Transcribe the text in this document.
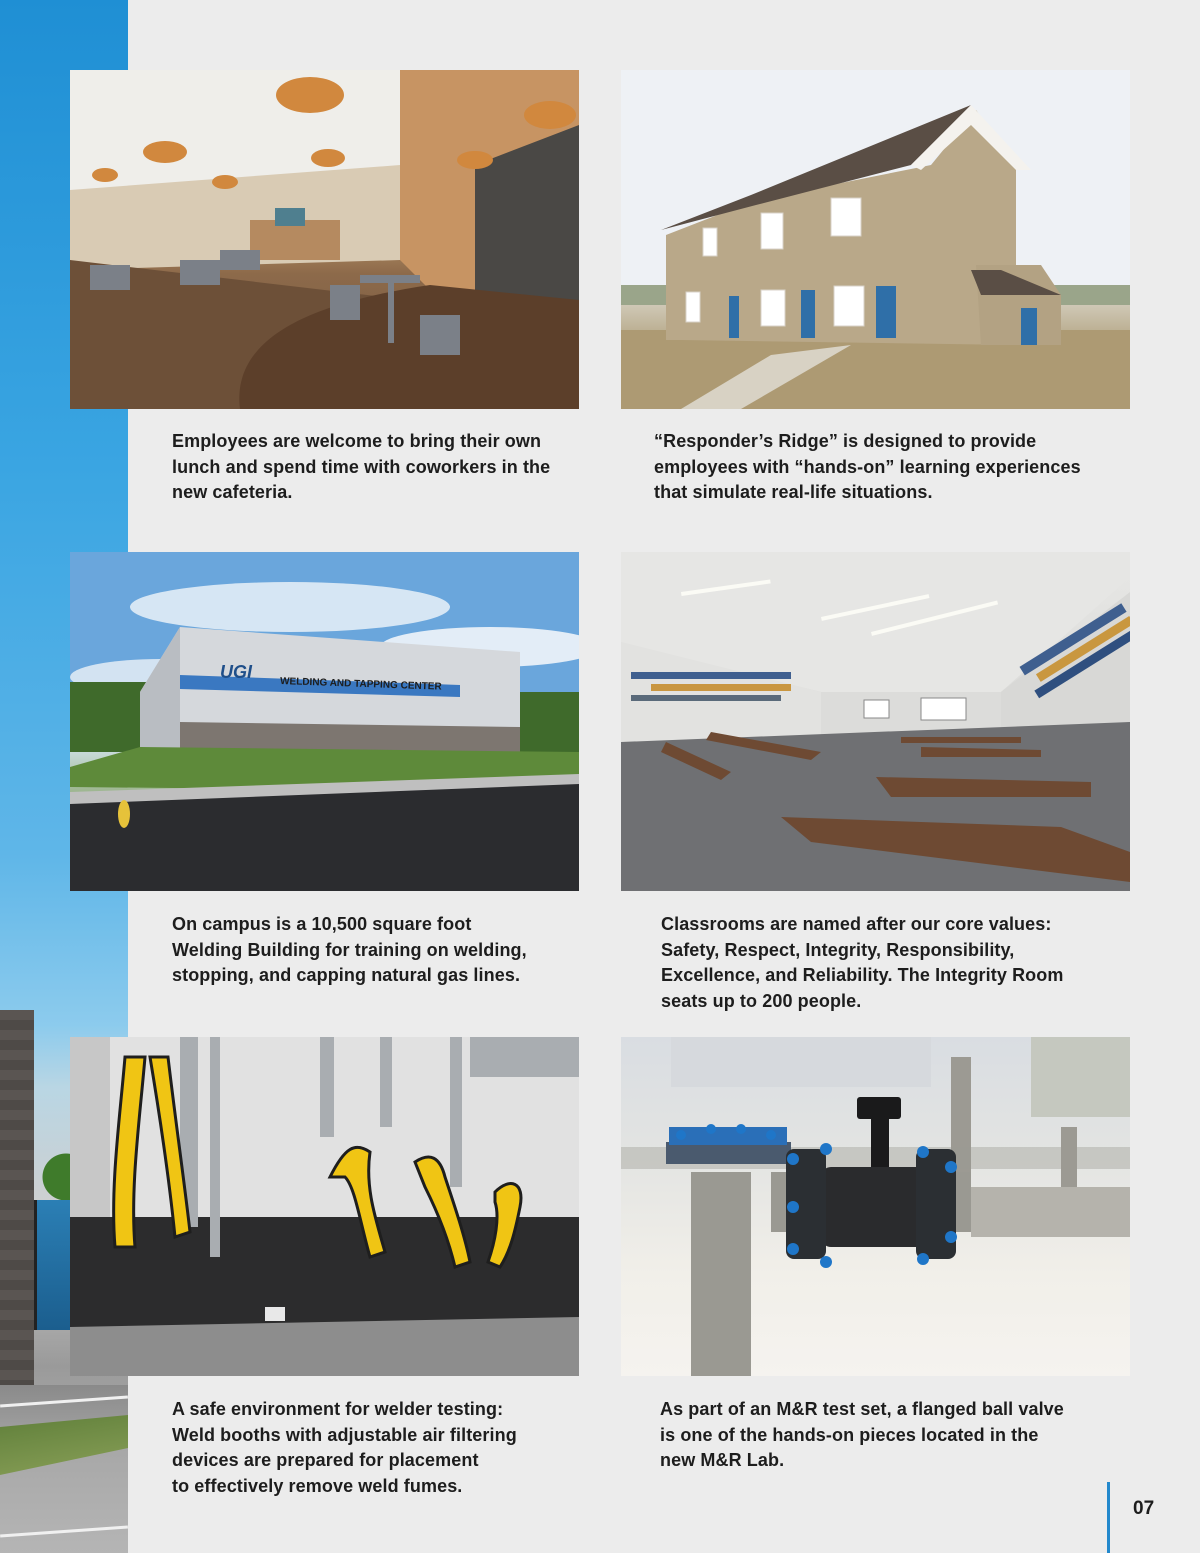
UGI
WELDING AND TAPPING CENTER
Employees are welcome to bring their own
lunch and spend time with coworkers in the
new cafeteria.
“Responder’s Ridge” is designed to provide
employees with “hands-on” learning experiences
that simulate real-life situations.
On campus is a 10,500 square foot
Welding Building for training on welding,
stopping, and capping natural gas lines.
Classrooms are named after our core values:
Safety, Respect, Integrity, Responsibility,
Excellence, and Reliability. The Integrity Room
seats up to 200 people.
A safe environment for welder testing:
Weld booths with adjustable air filtering
devices are prepared for placement
to effectively remove weld fumes.
As part of an M&R test set, a flanged ball valve
is one of the hands-on pieces located in the
new M&R Lab.
07
